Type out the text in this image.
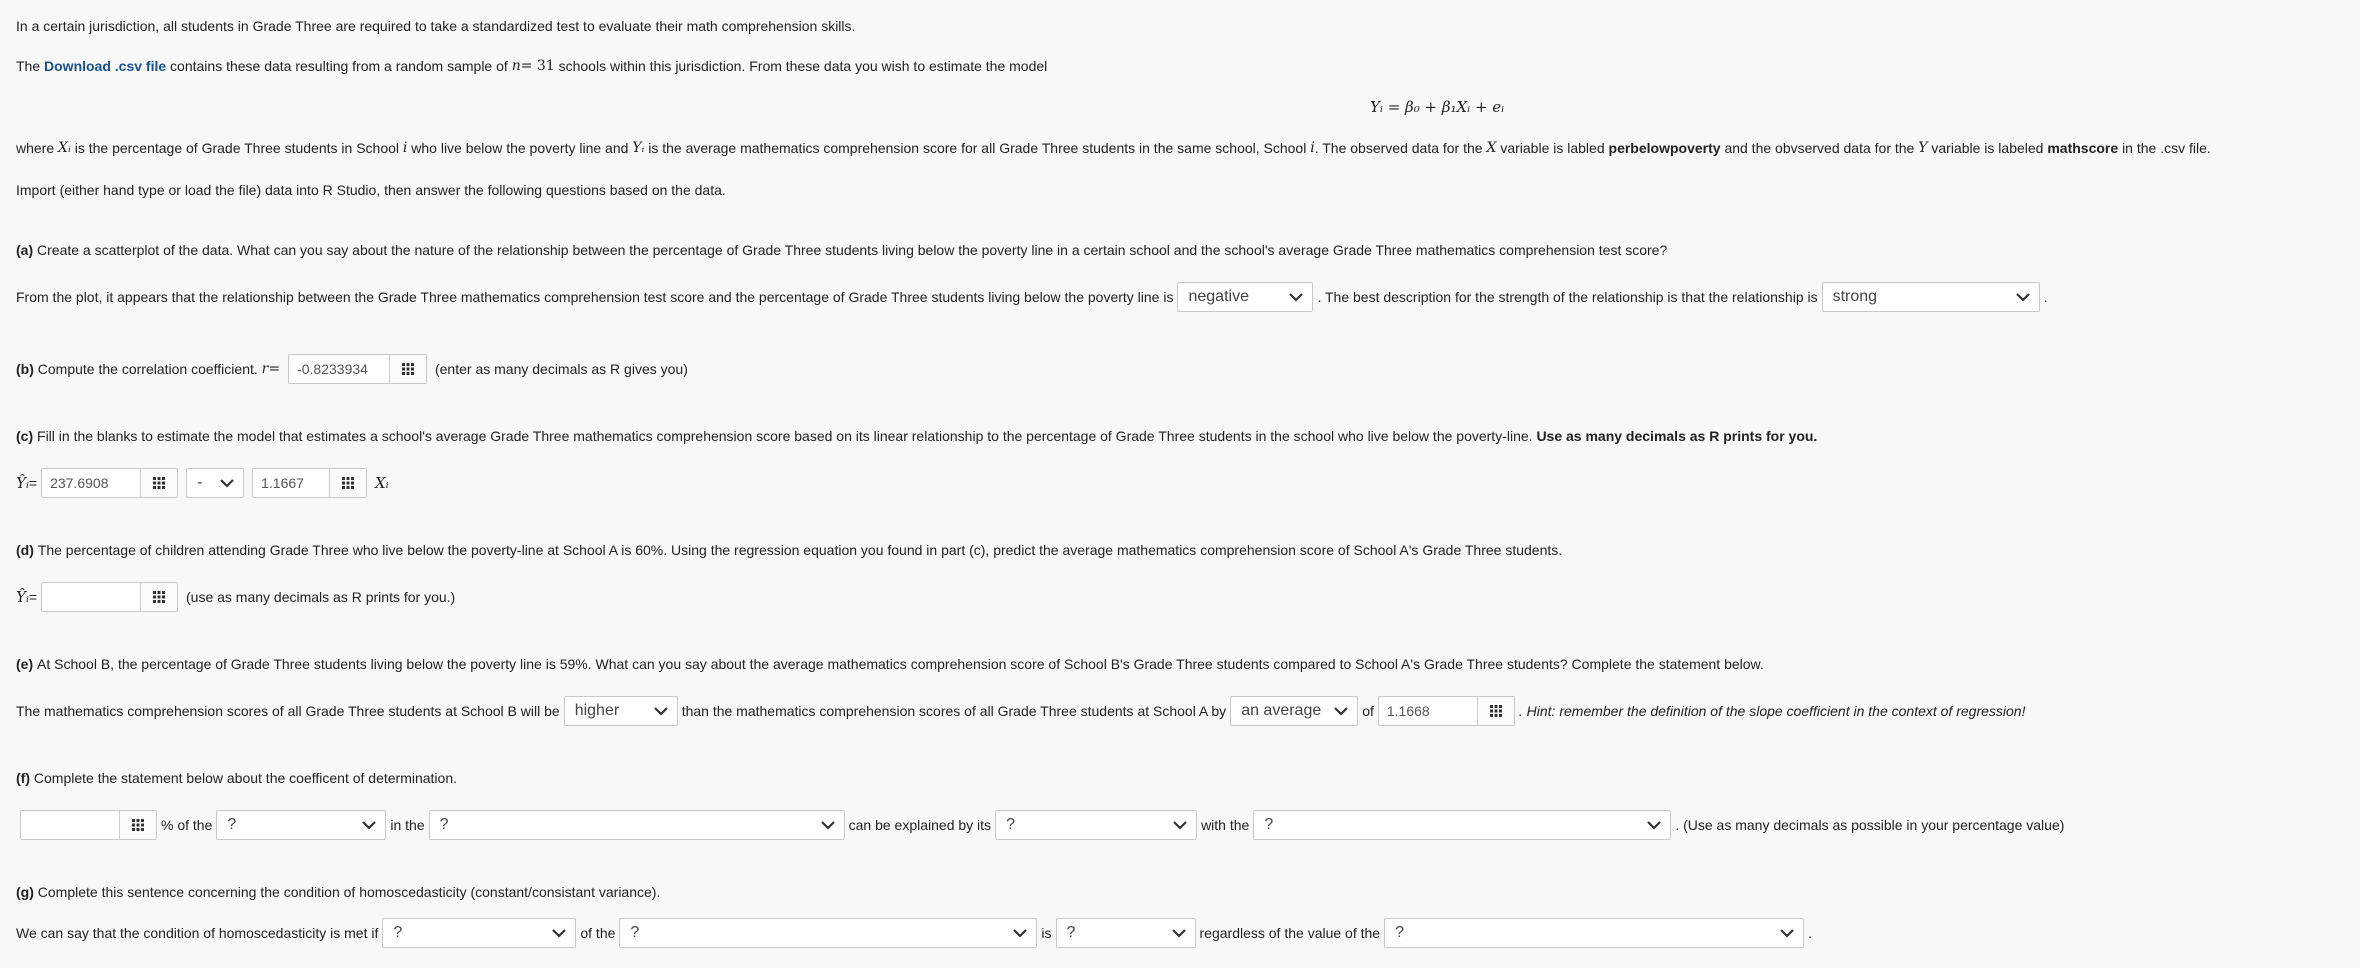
In a certain jurisdiction, all students in Grade Three are required to take a standardized test to evaluate their math comprehension skills.
The
Download .csv file
contains these data resulting from a random sample of
n = 31
schools within this jurisdiction. From these data you wish to estimate the model
Yᵢ = β₀ + β₁Xᵢ + eᵢ
where
Xᵢ
is the percentage of Grade Three students in School
i
who live below the poverty line and
Yᵢ
is the average mathematics comprehension score for all Grade Three students in the same school, School
i . The observed data for the
X
variable is labled
perbelowpoverty
and the obvserved data for the
Y
variable is labeled
mathscore
in the .csv file.
Import (either hand type or load the file) data into R Studio, then answer the following questions based on the data.
(a)
Create a scatterplot of the data. What can you say about the nature of the relationship between the percentage of Grade Three students living below the poverty line in a certain school and the school's average Grade Three mathematics comprehension test score?
From the plot, it appears that the relationship between the Grade Three mathematics comprehension test score and the percentage of Grade Three students living below the poverty line is negative	. The best description for the strength of the relationship is that the relationship is strong	.
(b)
Compute the correlation coefficient.
r =	-0.8233934
	(enter as many decimals as R gives you)
(c)
Fill in the blanks to estimate the model that estimates a school's average Grade Three mathematics comprehension score based on its linear relationship to the percentage of Grade Three students in the school who live below the poverty-line.
Use as many decimals as R prints for you.
Ŷᵢ = 237.6908	-	1.1667
	Xᵢ
(d)
The percentage of children attending Grade Three who live below the poverty-line at School A is 60%. Using the regression equation you found in part (c), predict the average mathematics comprehension score of School A's Grade Three students.
Ŷᵢ =
	(use as many decimals as R prints for you.)
(e)
At School B, the percentage of Grade Three students living below the poverty line is 59%. What can you say about the average mathematics comprehension score of School B's Grade Three students compared to School A's Grade Three students? Complete the statement below.
The mathematics comprehension scores of all Grade Three students at School B will be higher	than the mathematics comprehension scores of all Grade Three students at School A by an average	of 1.1668	. Hint: remember the definition of the slope coefficient in the context of regression!
(f)
Complete the statement below about the coefficent of determination.
% of the ?	in the ?	can be explained by its ?	with the ?	. (Use as many decimals as possible in your percentage value)
(g)
Complete this sentence concerning the condition of homoscedasticity (constant/consistant variance).
We can say that the condition of homoscedasticity is met if ?	of the ?	is ?	regardless of the value of the ?	.
